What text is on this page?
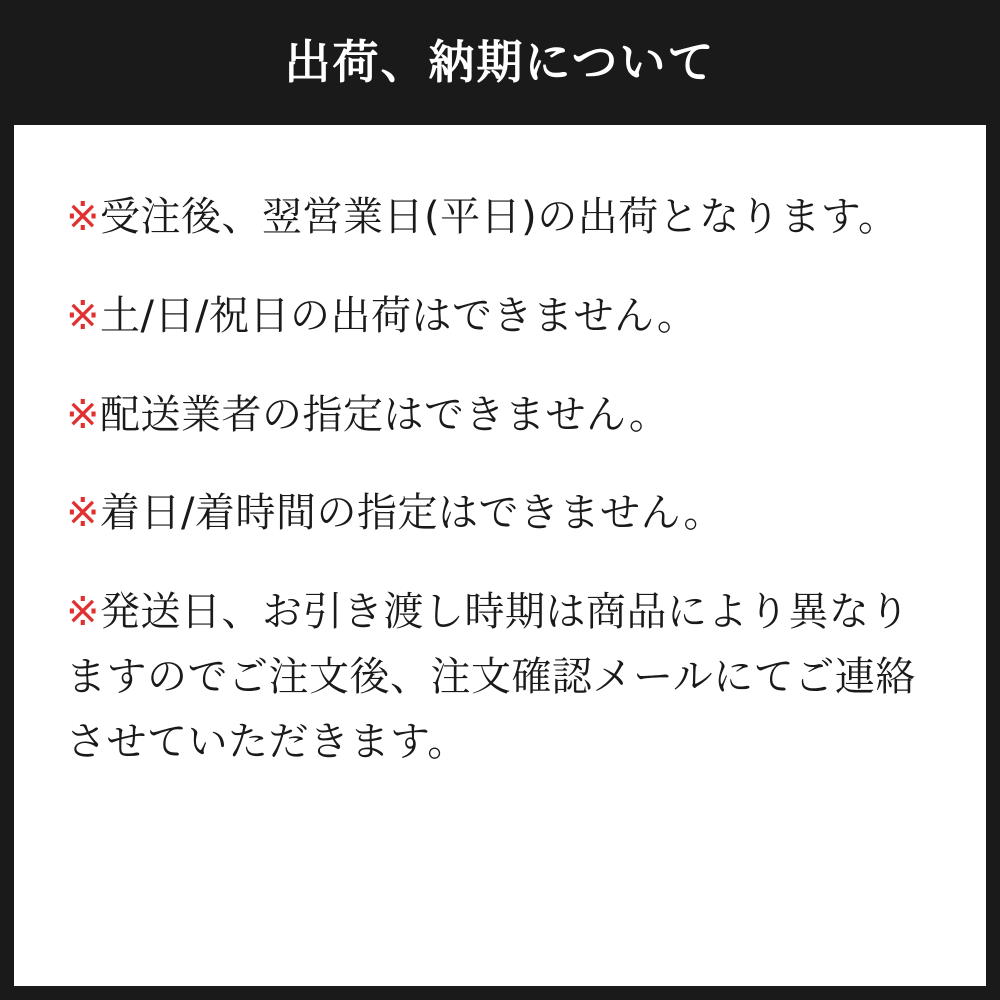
出荷、納期について
※受注後、翌営業日(平日)の出荷となります。
※土/日/祝日の出荷はできません。
※配送業者の指定はできません。
※着日/着時間の指定はできません。
※発送日、お引き渡し時期は商品により異なりますのでご注文後、注文確認メールにてご連絡させていただきます。
